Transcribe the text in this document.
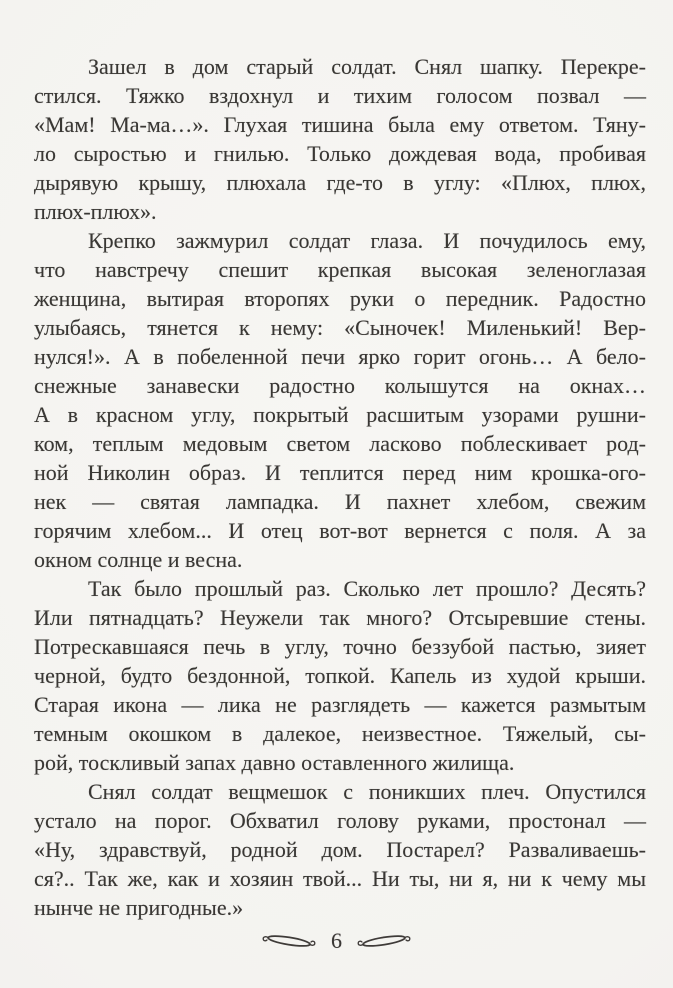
Зашел в дом старый солдат. Снял шапку. Перекре-
стился. Тяжко вздохнул и тихим голосом позвал —
«Мам! Ма-ма…». Глухая тишина была ему ответом. Тяну-
ло сыростью и гнилью. Только дождевая вода, пробивая
дырявую крышу, плюхала где-то в углу: «Плюх, плюх,
плюх-плюх».
Крепко зажмурил солдат глаза. И почудилось ему,
что навстречу спешит крепкая высокая зеленоглазая
женщина, вытирая второпях руки о передник. Радостно
улыбаясь, тянется к нему: «Сыночек! Миленький! Вер-
нулся!». А в побеленной печи ярко горит огонь… А бело-
снежные занавески радостно колышутся на окнах…
А в красном углу, покрытый расшитым узорами рушни-
ком, теплым медовым светом ласково поблескивает род-
ной Николин образ. И теплится перед ним крошка-ого-
нек — святая лампадка. И пахнет хлебом, свежим
горячим хлебом... И отец вот-вот вернется с поля. А за
окном солнце и весна.
Так было прошлый раз. Сколько лет прошло? Десять?
Или пятнадцать? Неужели так много? Отсыревшие стены.
Потрескавшаяся печь в углу, точно беззубой пастью, зияет
черной, будто бездонной, топкой. Капель из худой крыши.
Старая икона — лика не разглядеть — кажется размытым
темным окошком в далекое, неизвестное. Тяжелый, сы-
рой, тоскливый запах давно оставленного жилища.
Снял солдат вещмешок с поникших плеч. Опустился
устало на порог. Обхватил голову руками, простонал —
«Ну, здравствуй, родной дом. Постарел? Разваливаешь-
ся?.. Так же, как и хозяин твой... Ни ты, ни я, ни к чему мы
нынче не пригодные.»
6
